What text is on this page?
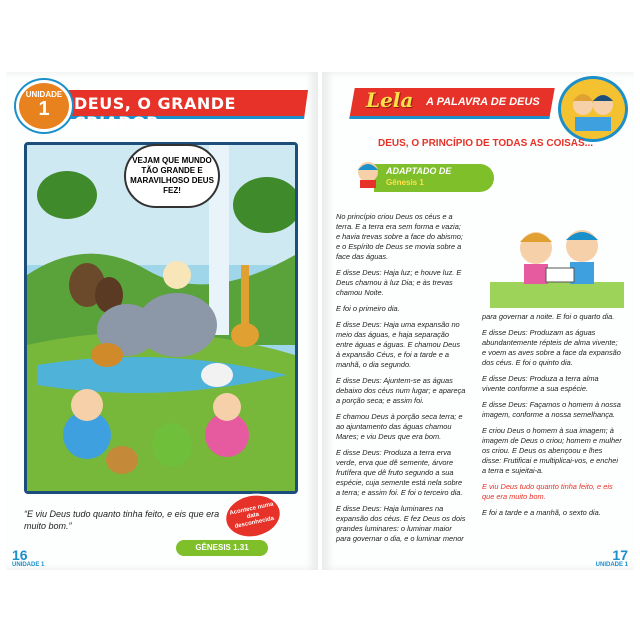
UNIDADE
1	DEUS, O GRANDE CRIADOR
VEJAM QUE MUNDO TÃO GRANDE E MARAVILHOSO DEUS FEZ!
“E viu Deus tudo quanto tinha feito, e eis que era muito bom.”
Acontece numa data desconhecida
GÊNESIS 1.31
16
UNIDADE 1
Lela A PALAVRA DE DEUS
DEUS, O PRINCÍPIO DE TODAS AS COISAS...
ADAPTADO DE
Gênesis 1

No princípio criou Deus os céus e a terra. E a terra era sem forma e vazia; e havia trevas sobre a face do abismo; e o Espírito de Deus se movia sobre a face das águas.

E disse Deus: Haja luz; e houve luz. E Deus chamou à luz Dia; e às trevas chamou Noite.

E foi o primeiro dia.

E disse Deus: Haja uma expansão no meio das águas, e haja separação entre águas e águas. E chamou Deus à expansão Céus, e foi a tarde e a manhã, o dia segundo.

E disse Deus: Ajuntem-se as águas debaixo dos céus num lugar; e apareça a porção seca; e assim foi.

E chamou Deus à porção seca terra; e ao ajuntamento das águas chamou Mares; e viu Deus que era bom.

E disse Deus: Produza a terra erva verde, erva que dê semente, árvore frutífera que dê fruto segundo a sua espécie, cuja semente está nela sobre a terra; e assim foi. E foi o terceiro dia.

E disse Deus: Haja luminares na expansão dos céus. E fez Deus os dois grandes luminares: o luminar maior para governar o dia, e o luminar menor

para governar a noite. E foi o quarto dia.

E disse Deus: Produzam as águas abundantemente répteis de alma vivente; e voem as aves sobre a face da expansão dos céus. E foi o quinto dia.

E disse Deus: Produza a terra alma vivente conforme a sua espécie.

E disse Deus: Façamos o homem à nossa imagem, conforme a nossa semelhança.

E criou Deus o homem à sua imagem; à imagem de Deus o criou; homem e mulher os criou. E Deus os abençoou e lhes disse: Frutificai e multiplicai-vos, e enchei a terra e sujeitai-a.

E viu Deus tudo quanto tinha feito, e eis que era muito bom.

E foi a tarde e a manhã, o sexto dia.

17
UNIDADE 1
